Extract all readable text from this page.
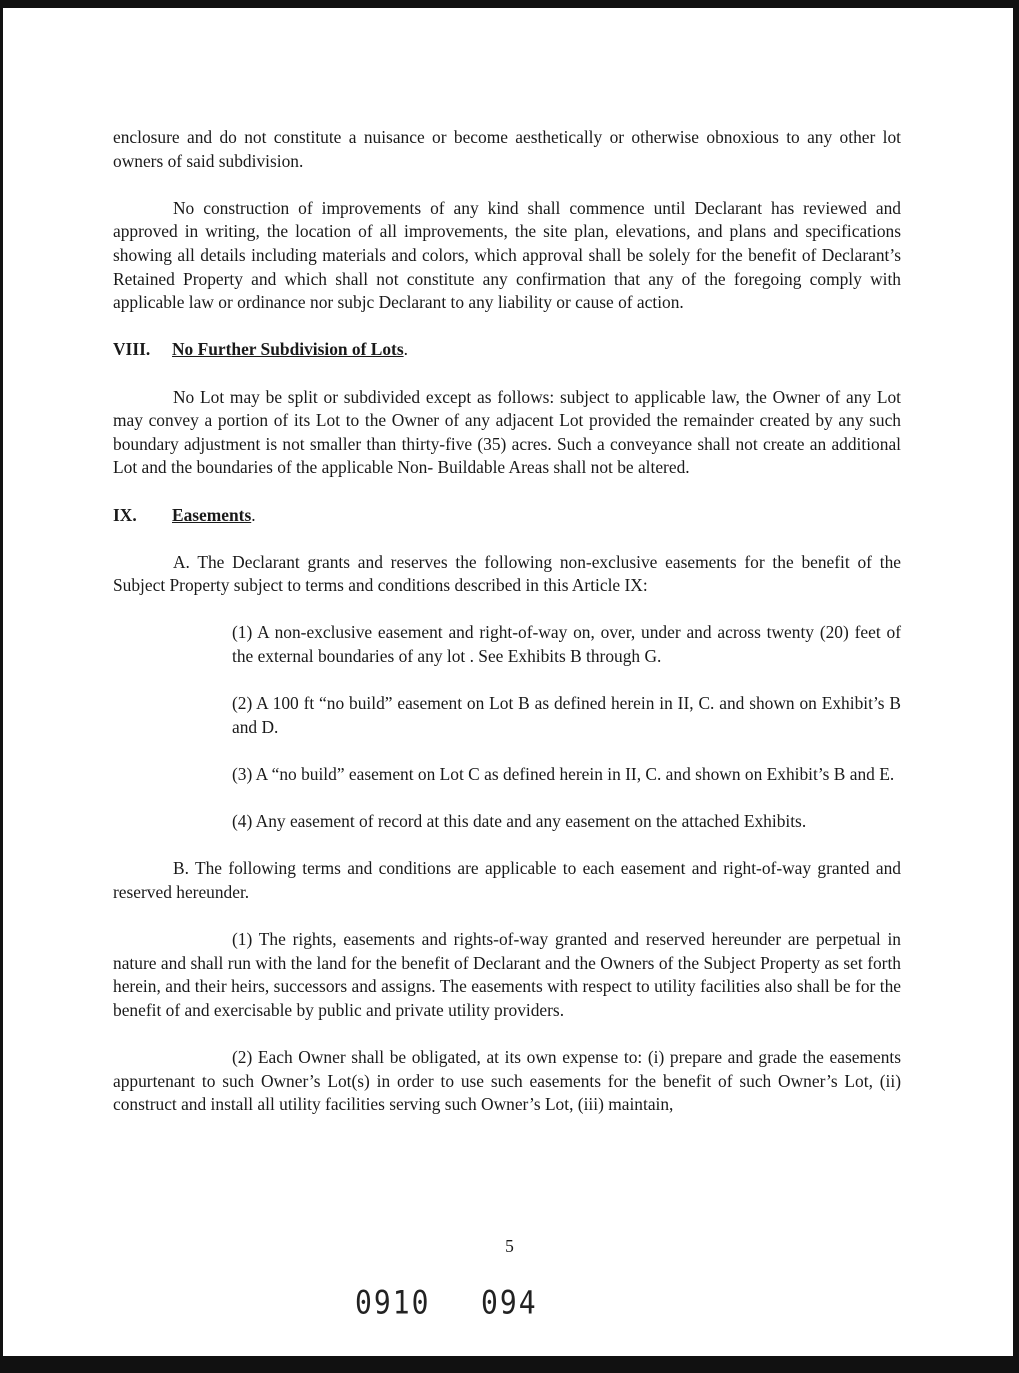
enclosure and do not constitute a nuisance or become aesthetically or otherwise obnoxious to any other lot owners of said subdivision.

No construction of improvements of any kind shall commence until Declarant has reviewed and approved in writing, the location of all improvements, the site plan, elevations, and plans and specifications showing all details including materials and colors, which approval shall be solely for the benefit of Declarant’s Retained Property and which shall not constitute any confirmation that any of the foregoing comply with applicable law or ordinance nor subjc Declarant to any liability or cause of action.

VIII.	No Further Subdivision of Lots .

No Lot may be split or subdivided except as follows: subject to applicable law, the Owner of any Lot may convey a portion of its Lot to the Owner of any adjacent Lot provided the remainder created by any such boundary adjustment is not smaller than thirty-five (35) acres. Such a conveyance shall not create an additional Lot and the boundaries of the applicable Non- Buildable Areas shall not be altered.

IX.	Easements .

A. The Declarant grants and reserves the following non-exclusive easements for the benefit of the Subject Property subject to terms and conditions described in this Article IX:

(1) A non-exclusive easement and right-of-way on, over, under and across twenty (20) feet of the external boundaries of any lot . See Exhibits B through G.

(2) A 100 ft “no build” easement on Lot B as defined herein in II, C. and shown on Exhibit’s B and D.

(3) A “no build” easement on Lot C as defined herein in II, C. and shown on Exhibit’s B and E.

(4) Any easement of record at this date and any easement on the attached Exhibits.

B. The following terms and conditions are applicable to each easement and right-of-way granted and reserved hereunder.

(1) The rights, easements and rights-of-way granted and reserved hereunder are perpetual in nature and shall run with the land for the benefit of Declarant and the Owners of the Subject Property as set forth herein, and their heirs, successors and assigns. The easements with respect to utility facilities also shall be for the benefit of and exercisable by public and private utility providers.

(2) Each Owner shall be obligated, at its own expense to: (i) prepare and grade the easements appurtenant to such Owner’s Lot(s) in order to use such easements for the benefit of such Owner’s Lot, (ii) construct and install all utility facilities serving such Owner’s Lot, (iii) maintain,

5
0910 094
